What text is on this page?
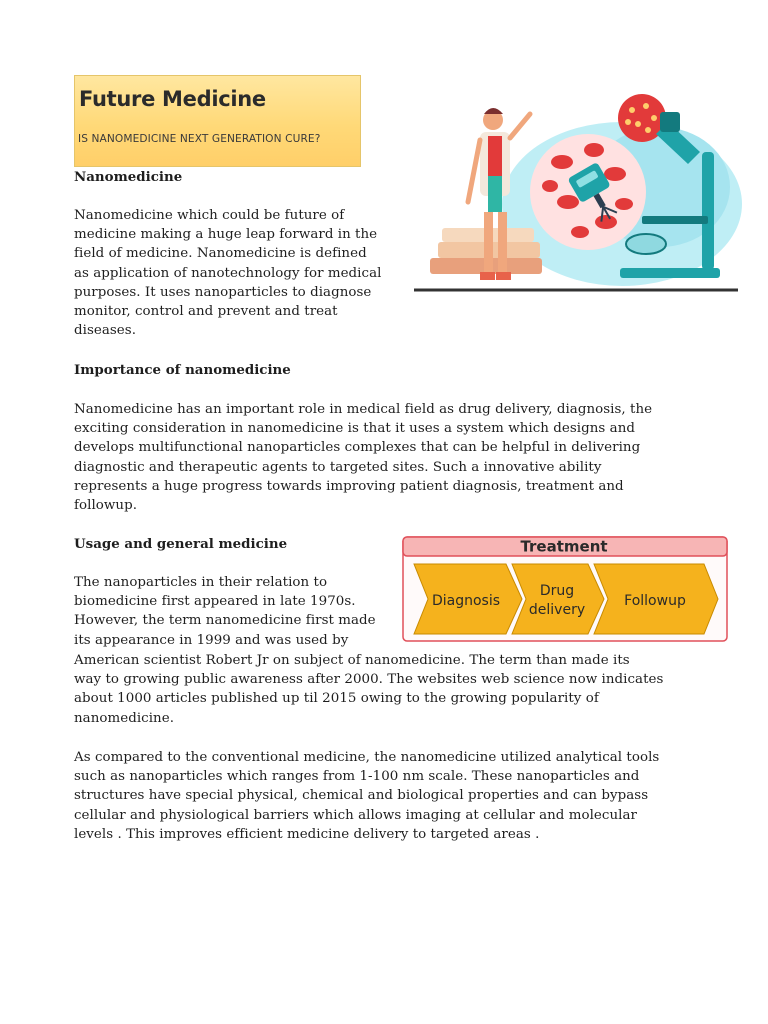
Future Medicine
IS NANOMEDICINE NEXT GENERATION CURE?
Nanomedicine
Nanomedicine which could be future of
medicine making a huge leap forward in the
field of medicine. Nanomedicine is defined
as application of nanotechnology for medical
purposes. It uses nanoparticles to diagnose
monitor, control and prevent and treat
diseases.
Importance of nanomedicine
Nanomedicine has an important role in medical field as drug delivery, diagnosis, the
exciting consideration in nanomedicine is that it uses a system which designs and
develops multifunctional nanoparticles complexes that can be helpful in delivering
diagnostic and therapeutic agents to targeted sites. Such a innovative ability
represents a huge progress towards improving patient diagnosis, treatment and
followup.
Usage and general medicine
The nanoparticles in their relation to
biomedicine first appeared in late 1970s.
However, the term nanomedicine first made
its appearance in 1999 and was used by
American scientist Robert Jr on subject of nanomedicine. The term than made its
way to growing public awareness after 2000. The websites web science now indicates
about 1000 articles published up til 2015 owing to the growing popularity of
nanomedicine.
Treatment
Diagnosis
Drug
delivery
Followup
As compared to the conventional medicine, the nanomedicine utilized analytical tools
such as nanoparticles which ranges from 1-100 nm scale. These nanoparticles and
structures have special physical, chemical and biological properties and can bypass
cellular and physiological barriers which allows imaging at cellular and molecular
levels . This improves efficient medicine delivery to targeted areas .
